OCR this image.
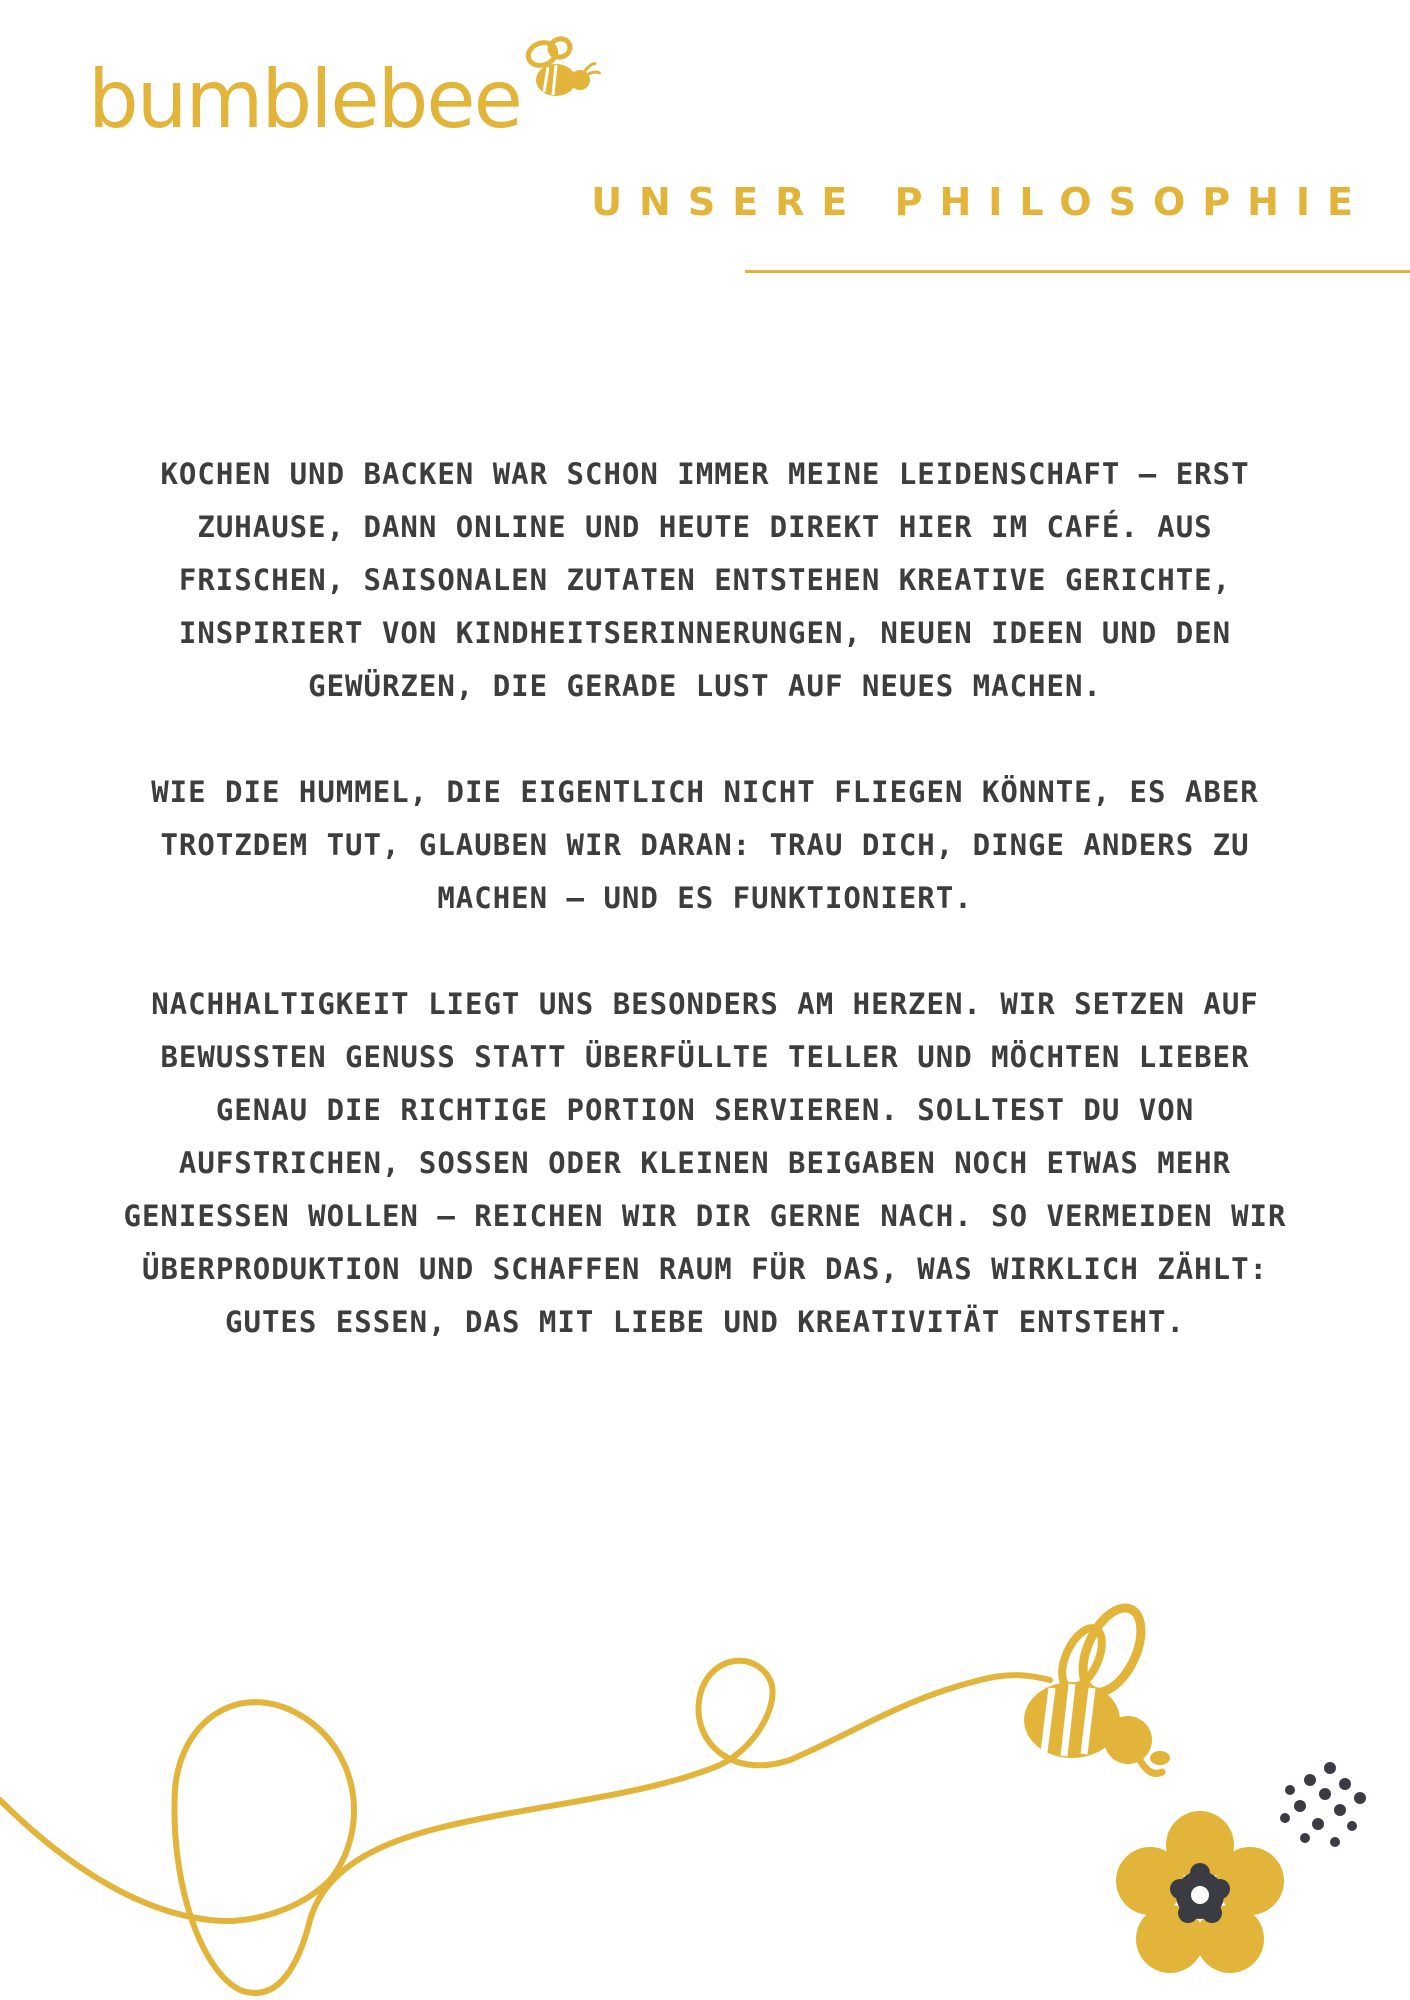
bumblebee
UNSERE PHILOSOPHIE

KOCHEN UND BACKEN WAR SCHON IMMER MEINE LEIDENSCHAFT – ERST ZUHAUSE, DANN ONLINE UND HEUTE DIREKT HIER IM CAFÉ. AUS FRISCHEN, SAISONALEN ZUTATEN ENTSTEHEN KREATIVE GERICHTE, INSPIRIERT VON KINDHEITSERINNERUNGEN, NEUEN IDEEN UND DEN GEWÜRZEN, DIE GERADE LUST AUF NEUES MACHEN.

WIE DIE HUMMEL, DIE EIGENTLICH NICHT FLIEGEN KÖNNTE, ES ABER TROTZDEM TUT, GLAUBEN WIR DARAN: TRAU DICH, DINGE ANDERS ZU MACHEN – UND ES FUNKTIONIERT.

NACHHALTIGKEIT LIEGT UNS BESONDERS AM HERZEN. WIR SETZEN AUF BEWUSSTEN GENUSS STATT ÜBERFÜLLTE TELLER UND MÖCHTEN LIEBER GENAU DIE RICHTIGE PORTION SERVIEREN. SOLLTEST DU VON AUFSTRICHEN, SOSSEN ODER KLEINEN BEIGABEN NOCH ETWAS MEHR GENIESSEN WOLLEN – REICHEN WIR DIR GERNE NACH. SO VERMEIDEN WIR ÜBERPRODUKTION UND SCHAFFEN RAUM FÜR DAS, WAS WIRKLICH ZÄHLT: GUTES ESSEN, DAS MIT LIEBE UND KREATIVITÄT ENTSTEHT.
